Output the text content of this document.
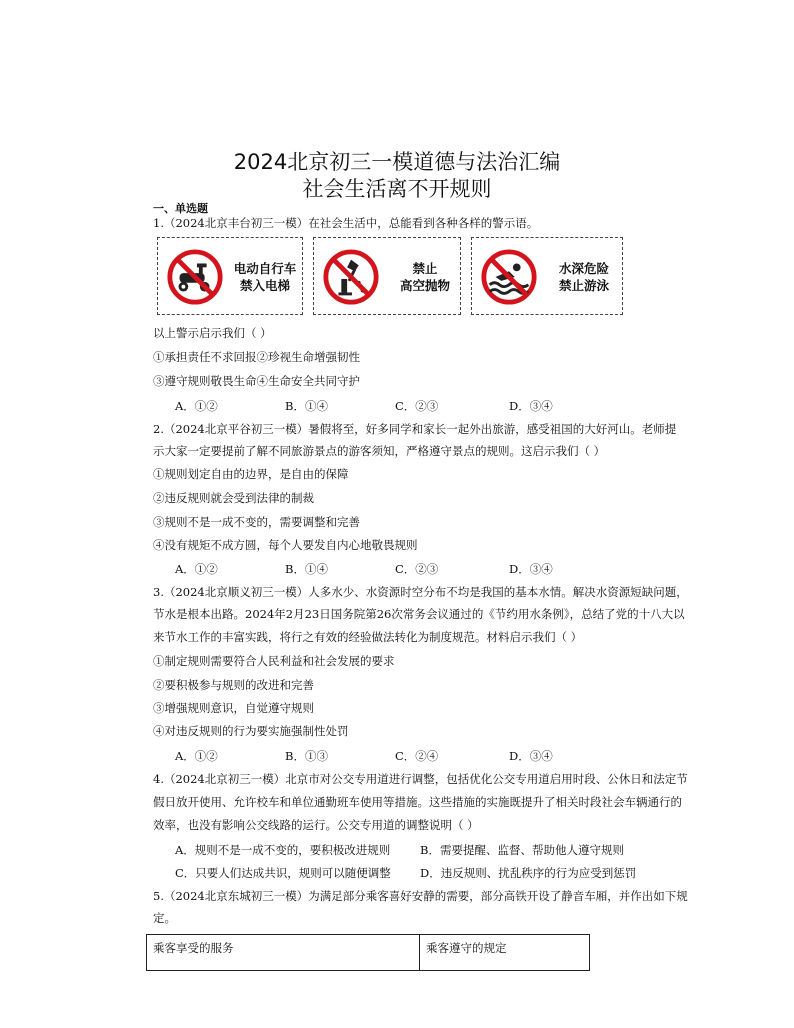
2024北京初三一模道德与法治汇编
社会生活离不开规则
一、单选题
1.（2024北京丰台初三一模）在社会生活中，总能看到各种各样的警示语。
电动自行车
禁入电梯
禁止
高空抛物
水深危险
禁止游泳
以上警示启示我们（ ）
①承担责任不求回报②珍视生命增强韧性
③遵守规则敬畏生命④生命安全共同守护
A．①②	B．①④	C．②③	D．③④
2.（2024北京平谷初三一模）暑假将至，好多同学和家长一起外出旅游，感受祖国的大好河山。老师提
示大家一定要提前了解不同旅游景点的游客须知，严格遵守景点的规则。这启示我们（ ）
①规则划定自由的边界，是自由的保障
②违反规则就会受到法律的制裁
③规则不是一成不变的，需要调整和完善
④没有规矩不成方圆，每个人要发自内心地敬畏规则
A．①②	B．①④	C．②③	D．③④
3.（2024北京顺义初三一模）人多水少、水资源时空分布不均是我国的基本水情。解决水资源短缺问题，
节水是根本出路。2024年2月23日国务院第26次常务会议通过的《节约用水条例》，总结了党的十八大以
来节水工作的丰富实践，将行之有效的经验做法转化为制度规范。材料启示我们（ ）
①制定规则需要符合人民利益和社会发展的要求
②要积极参与规则的改进和完善
③增强规则意识，自觉遵守规则
④对违反规则的行为要实施强制性处罚
A．①②	B．①③	C．②④	D．③④
4.（2024北京初三一模）北京市对公交专用道进行调整，包括优化公交专用道启用时段、公休日和法定节
假日放开使用、允许校车和单位通勤班车使用等措施。这些措施的实施既提升了相关时段社会车辆通行的
效率，也没有影响公交线路的运行。公交专用道的调整说明（ ）
A．规则不是一成不变的，要积极改进规则	B．需要提醒、监督、帮助他人遵守规则
C．只要人们达成共识，规则可以随便调整	D．违反规则、扰乱秩序的行为应受到惩罚
5.（2024北京东城初三一模）为满足部分乘客喜好安静的需要，部分高铁开设了静音车厢，并作出如下规
定。
乘客享受的服务	乘客遵守的规定
